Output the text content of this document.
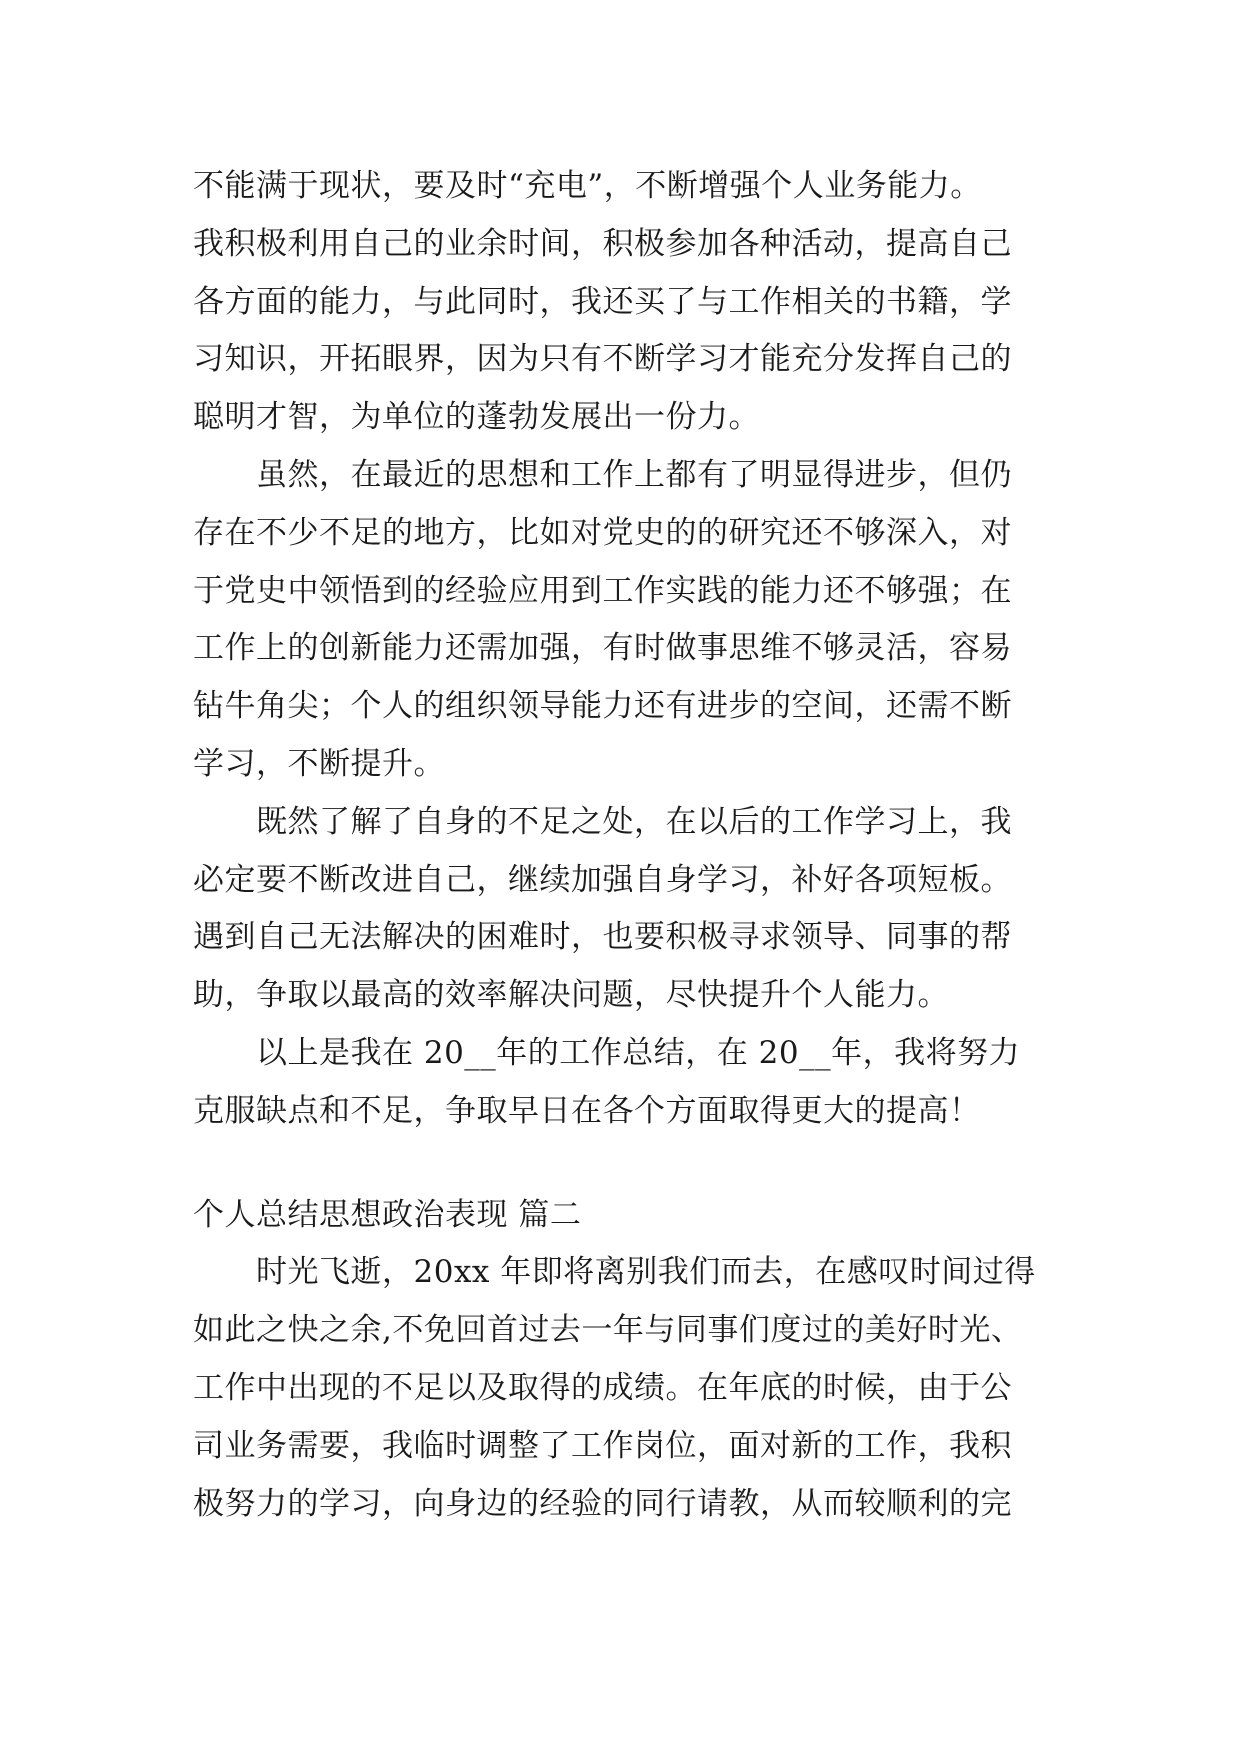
不能满于现状，要及时“充电”，不断增强个人业务能力。
我积极利用自己的业余时间，积极参加各种活动，提高自己
各方面的能力，与此同时，我还买了与工作相关的书籍，学
习知识，开拓眼界，因为只有不断学习才能充分发挥自己的
聪明才智，为单位的蓬勃发展出一份力。
　　虽然，在最近的思想和工作上都有了明显得进步，但仍
存在不少不足的地方，比如对党史的的研究还不够深入，对
于党史中领悟到的经验应用到工作实践的能力还不够强；在
工作上的创新能力还需加强，有时做事思维不够灵活，容易
钻牛角尖；个人的组织领导能力还有进步的空间，还需不断
学习，不断提升。
　　既然了解了自身的不足之处，在以后的工作学习上，我
必定要不断改进自己，继续加强自身学习，补好各项短板。
遇到自己无法解决的困难时，也要积极寻求领导、同事的帮
助，争取以最高的效率解决问题，尽快提升个人能力。
　　以上是我在 20__年的工作总结，在 20__年，我将努力
克服缺点和不足，争取早日在各个方面取得更大的提高！
个人总结思想政治表现 篇二
　　时光飞逝，20xx 年即将离别我们而去，在感叹时间过得
如此之快之余,不免回首过去一年与同事们度过的美好时光、
工作中出现的不足以及取得的成绩。在年底的时候，由于公
司业务需要，我临时调整了工作岗位，面对新的工作，我积
极努力的学习，向身边的经验的同行请教，从而较顺利的完
